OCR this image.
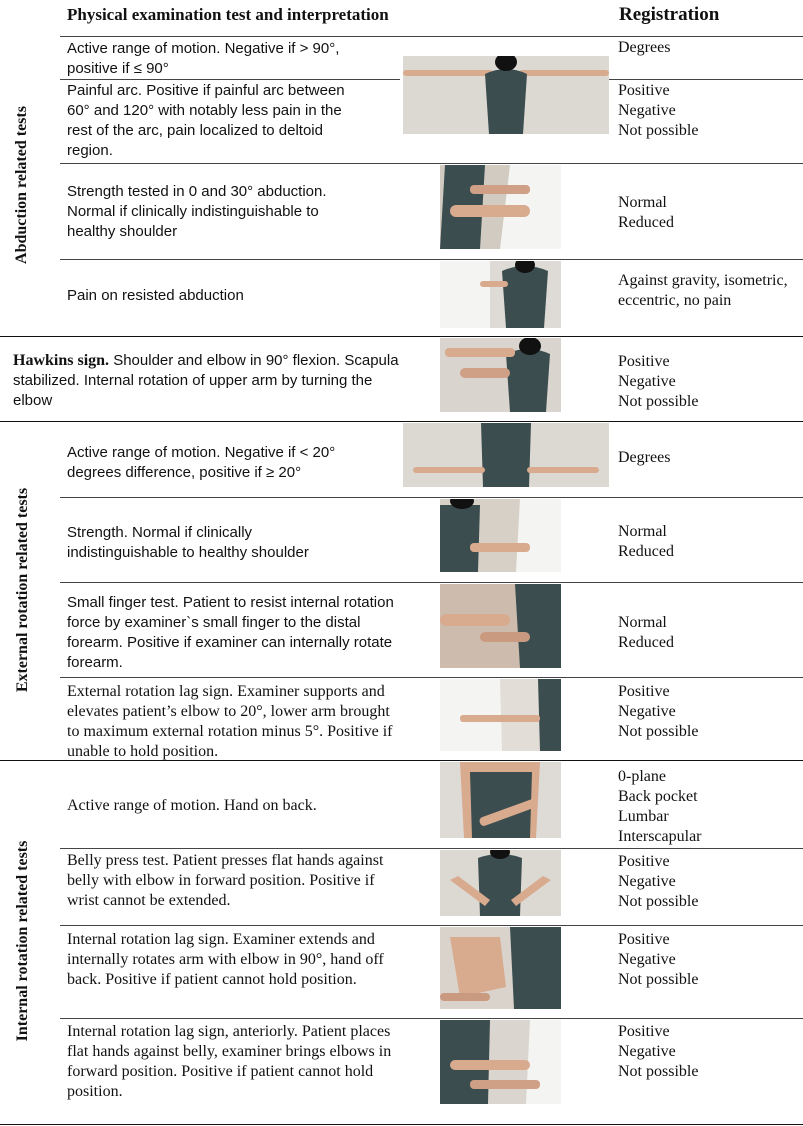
Physical examination test and interpretation	Registration
Abduction related tests
External rotation related tests
Internal rotation related tests
Active range of motion. Negative if > 90°, positive if ≤ 90°
Painful arc. Positive if painful arc between 60° and 120° with notably less pain in the rest of the arc, pain localized to deltoid region.
Strength tested in 0 and 30° abduction. Normal if clinically indistinguishable to healthy shoulder
Pain on resisted abduction
Hawkins sign. Shoulder and elbow in 90° flexion. Scapula stabilized. Internal rotation of upper arm by turning the elbow
Active range of motion. Negative if < 20° degrees difference, positive if ≥ 20°
Strength. Normal if clinically indistinguishable to healthy shoulder
Small finger test. Patient to resist internal rotation force by examiner`s small finger to the distal forearm. Positive if examiner can internally rotate forearm.
External rotation lag sign. Examiner supports and elevates patient’s elbow to 20°, lower arm brought to maximum external rotation minus 5°. Positive if unable to hold position.
Active range of motion. Hand on back.
Belly press test. Patient presses flat hands against belly with elbow in forward position. Positive if wrist cannot be extended.
Internal rotation lag sign. Examiner extends and internally rotates arm with elbow in 90°, hand off back. Positive if patient cannot hold position.
Internal rotation lag sign, anteriorly. Patient places flat hands against belly, examiner brings elbows in forward position. Positive if patient cannot hold position.
Degrees
Positive
Negative
Not possible
Normal
Reduced
Against gravity, isometric, eccentric, no pain
Positive
Negative
Not possible
Degrees
Normal
Reduced
Normal
Reduced
Positive
Negative
Not possible
0-plane
Back pocket
Lumbar
Interscapular
Positive
Negative
Not possible
Positive
Negative
Not possible
Positive
Negative
Not possible
